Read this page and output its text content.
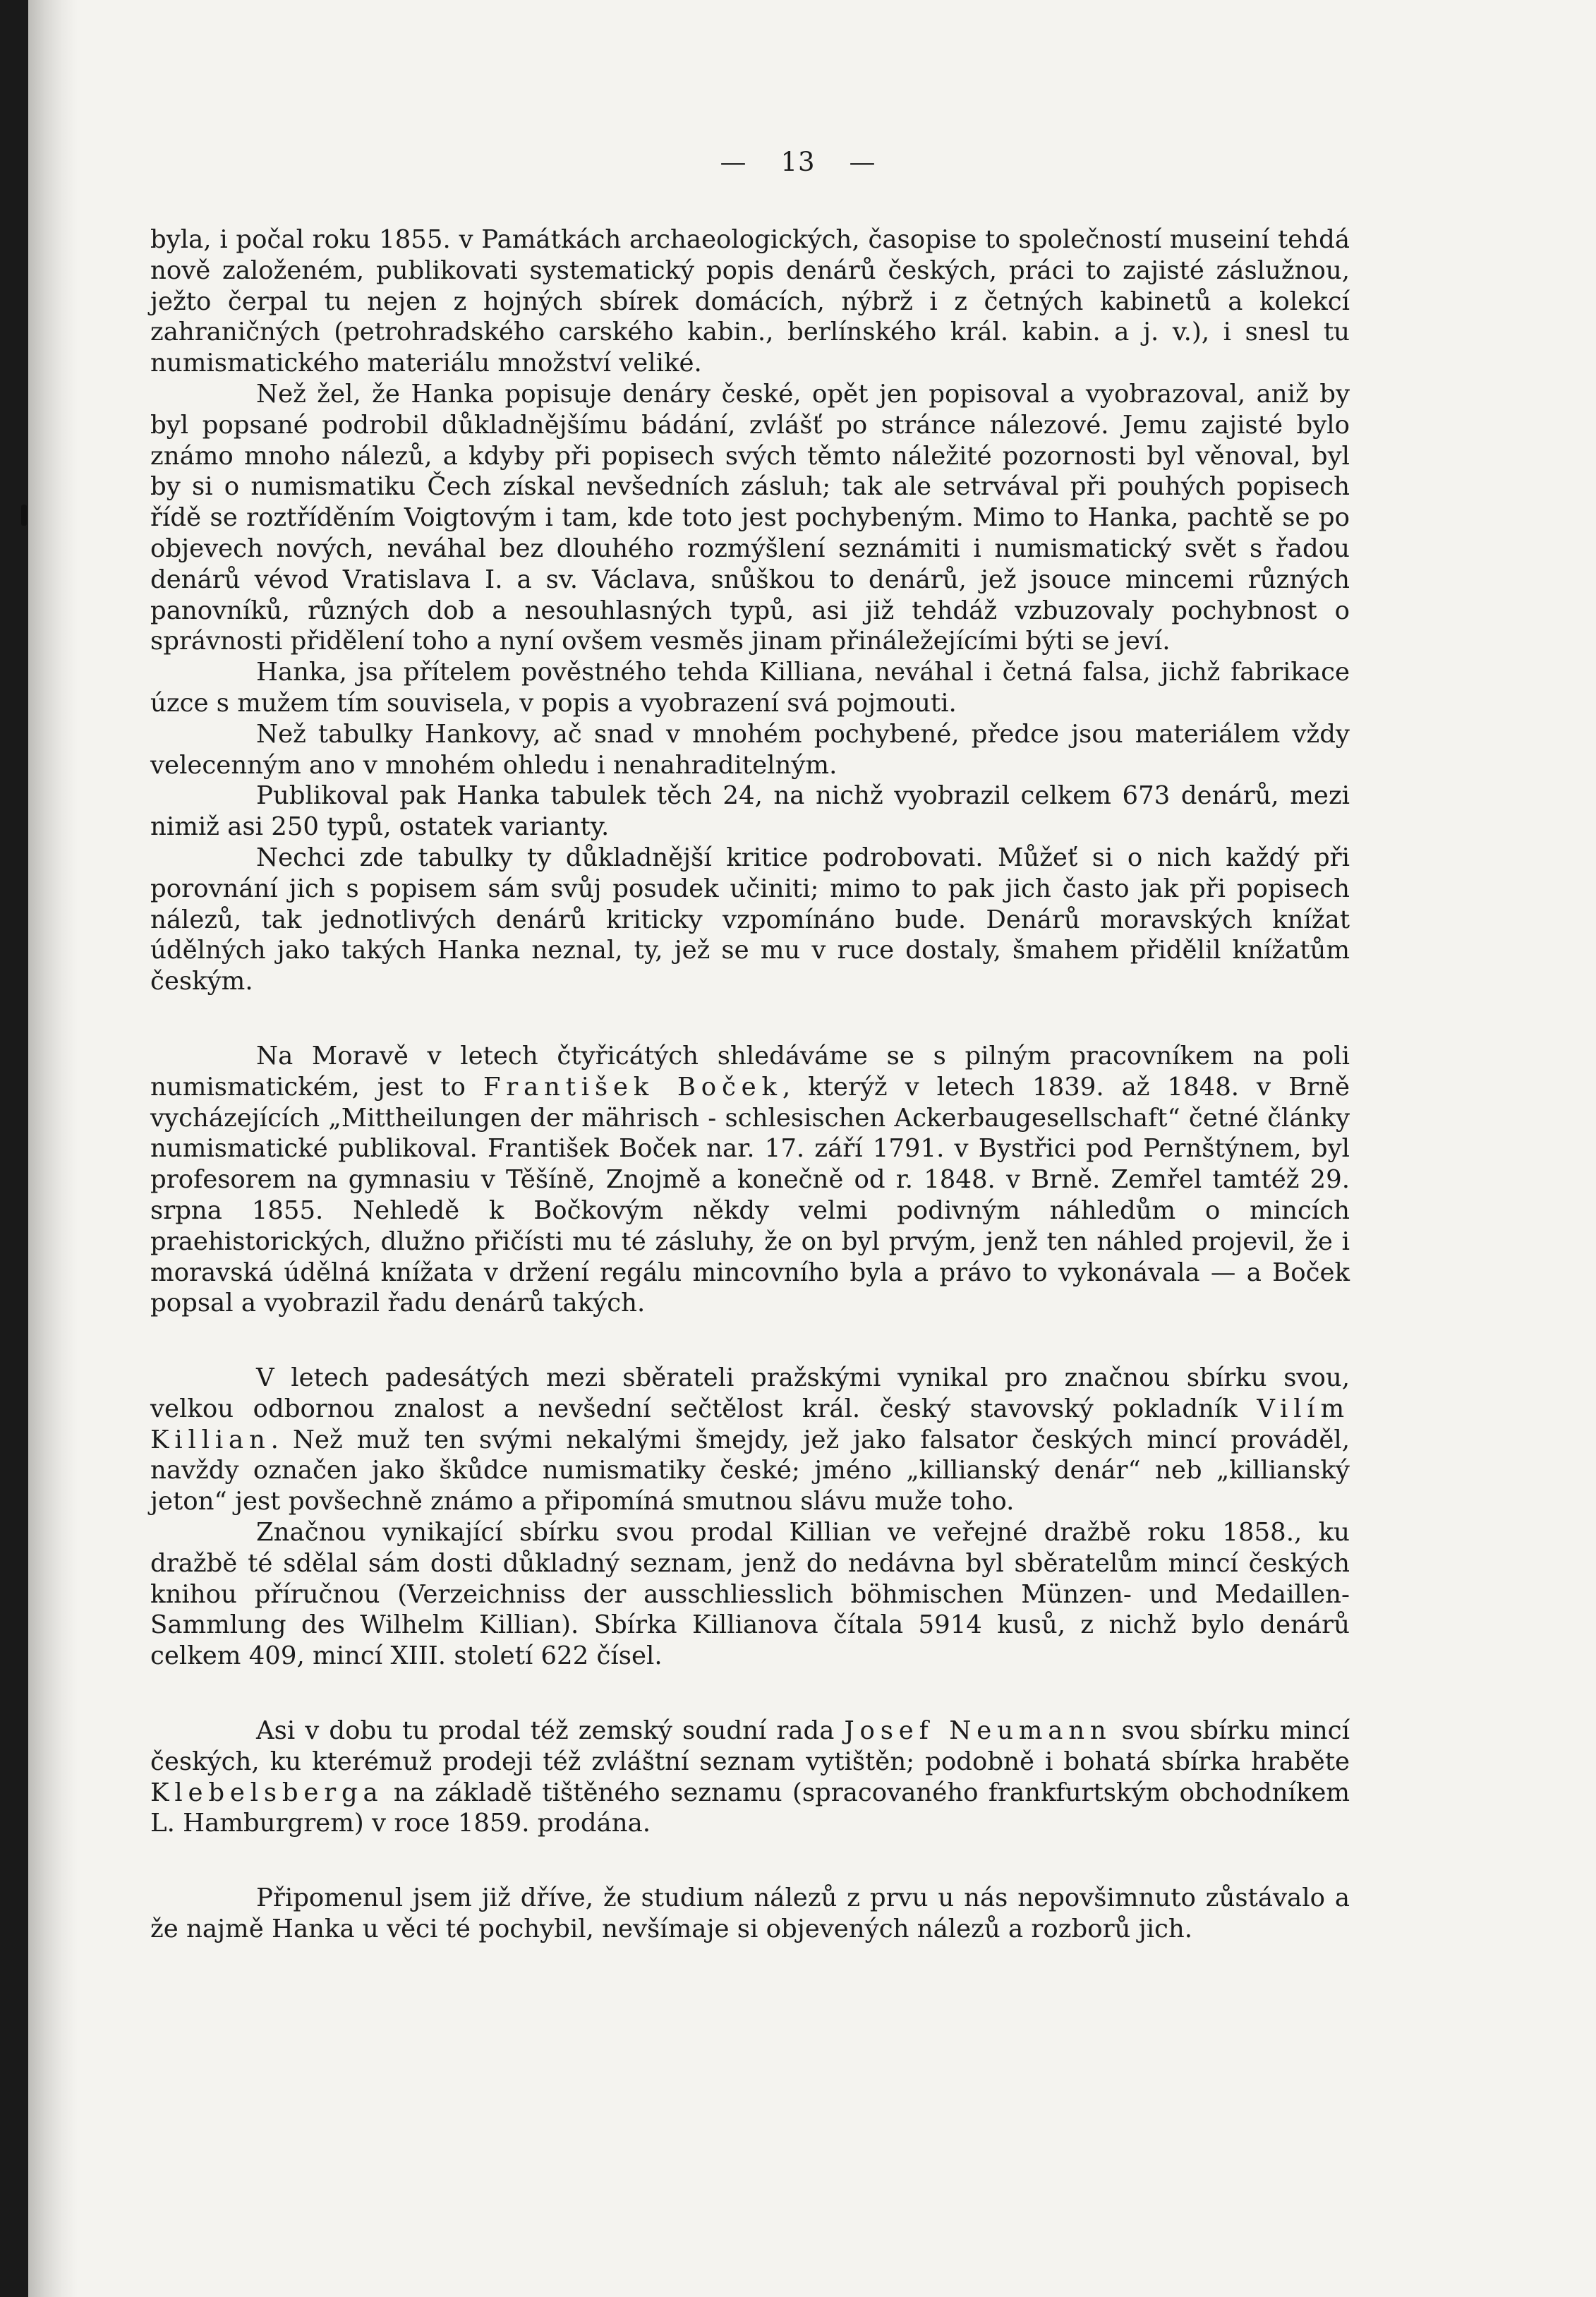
— 13 —

byla, i počal roku 1855. v Památkách archaeologických, časopise to společností museiní tehdá nově založeném, publikovati systematický popis denárů českých, práci to zajisté záslužnou, ježto čerpal tu nejen z hojných sbírek domácích, nýbrž i z četných kabinetů a kolekcí zahraničných (petrohradského carského kabin., berlínského král. kabin. a j. v.), i snesl tu numismatického materiálu množství veliké.

Než žel, že Hanka popisuje denáry české, opět jen popisoval a vyobrazoval, aniž by byl popsané podrobil důkladnějšímu bádání, zvlášť po stránce nálezové. Jemu zajisté bylo známo mnoho nálezů, a kdyby při popisech svých těmto náležité pozornosti byl věnoval, byl by si o numismatiku Čech získal nevšedních zásluh; tak ale setrvával při pouhých popisech řídě se roztříděním Voigtovým i tam, kde toto jest pochybeným. Mimo to Hanka, pachtě se po objevech nových, neváhal bez dlouhého rozmýšlení seznámiti i numismatický svět s řadou denárů vévod Vratislava I. a sv. Václava, snůškou to denárů, jež jsouce mincemi různých panovníků, různých dob a nesouhlasných typů, asi již tehdáž vzbuzovaly pochybnost o správnosti přidělení toho a nyní ovšem vesměs jinam přináležejícími býti se jeví.

Hanka, jsa přítelem pověstného tehda Killiana, neváhal i četná falsa, jichž fabrikace úzce s mužem tím souvisela, v popis a vyobrazení svá pojmouti.

Než tabulky Hankovy, ač snad v mnohém pochybené, předce jsou materiálem vždy velecenným ano v mnohém ohledu i nenahraditelným.

Publikoval pak Hanka tabulek těch 24, na nichž vyobrazil celkem 673 denárů, mezi nimiž asi 250 typů, ostatek varianty.

Nechci zde tabulky ty důkladnější kritice podrobovati. Můžeť si o nich každý při porovnání jich s popisem sám svůj posudek učiniti; mimo to pak jich často jak při popisech nálezů, tak jednotlivých denárů kriticky vzpomínáno bude. Denárů moravských knížat údělných jako takých Hanka neznal, ty, jež se mu v ruce dostaly, šmahem přidělil knížatům českým.

Na Moravě v letech čtyřicátých shledáváme se s pilným pracovníkem na poli numismatickém, jest to František Boček, kterýž v letech 1839. až 1848. v Brně vycházejících „Mittheilungen der mährisch - schlesischen Ackerbaugesellschaft“ četné články numismatické publikoval. František Boček nar. 17. září 1791. v Bystřici pod Pernštýnem, byl profesorem na gymnasiu v Těšíně, Znojmě a konečně od r. 1848. v Brně. Zemřel tamtéž 29. srpna 1855. Nehledě k Bočkovým někdy velmi podivným náhledům o mincích praehistorických, dlužno přičísti mu té zásluhy, že on byl prvým, jenž ten náhled projevil, že i moravská údělná knížata v držení regálu mincovního byla a právo to vykonávala — a Boček popsal a vyobrazil řadu denárů takých.

V letech padesátých mezi sběrateli pražskými vynikal pro značnou sbírku svou, velkou odbornou znalost a nevšední sečtělost král. český stavovský pokladník Vilím Killian. Než muž ten svými nekalými šmejdy, jež jako falsator českých mincí prováděl, navždy označen jako škůdce numismatiky české; jméno „killianský denár“ neb „killianský jeton“ jest povšechně známo a připomíná smutnou slávu muže toho.

Značnou vynikající sbírku svou prodal Killian ve veřejné dražbě roku 1858., ku dražbě té sdělal sám dosti důkladný seznam, jenž do nedávna byl sběratelům mincí českých knihou příručnou (Verzeichniss der ausschliesslich böhmischen Münzen- und Medaillen-Sammlung des Wilhelm Killian). Sbírka Killianova čítala 5914 kusů, z nichž bylo denárů celkem 409, mincí XIII. století 622 čísel.

Asi v dobu tu prodal též zemský soudní rada Josef Neumann svou sbírku mincí českých, ku kterémuž prodeji též zvláštní seznam vytištěn; podobně i bohatá sbírka hraběte Klebelsberga na základě tištěného seznamu (spracovaného frankfurtským obchodníkem L. Hamburgrem) v roce 1859. prodána.

Připomenul jsem již dříve, že studium nálezů z prvu u nás nepovšimnuto zůstávalo a že najmě Hanka u věci té pochybil, nevšímaje si objevených nálezů a rozborů jich.
